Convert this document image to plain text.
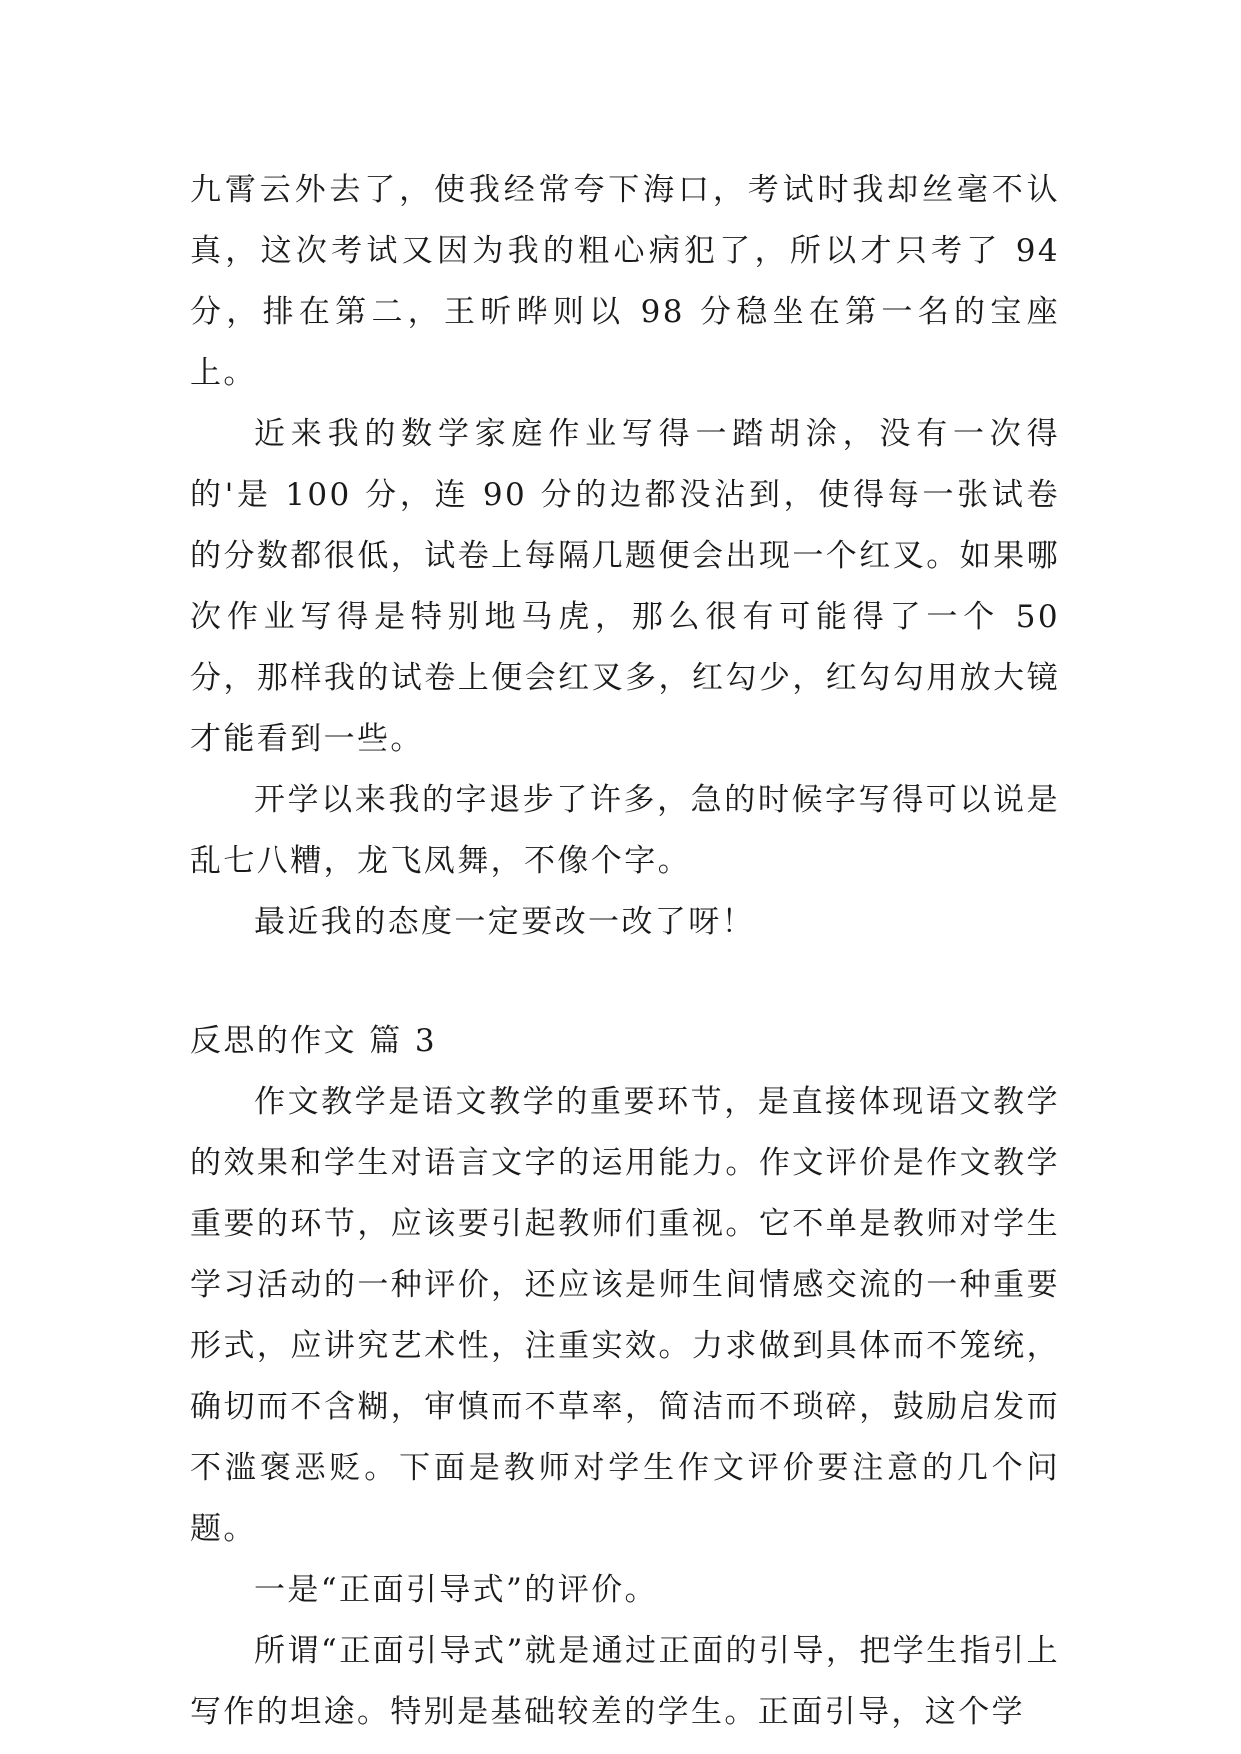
九霄云外去了，使我经常夸下海口，考试时我却丝毫不认真，这次考试又因为我的粗心病犯了，所以才只考了 94 分，排在第二，王昕晔则以 98 分稳坐在第一名的宝座上。

近来我的数学家庭作业写得一踏胡涂，没有一次得的'是 100 分，连 90 分的边都没沾到，使得每一张试卷的分数都很低，试卷上每隔几题便会出现一个红叉。如果哪次作业写得是特别地马虎，那么很有可能得了一个 50 分，那样我的试卷上便会红叉多，红勾少，红勾勾用放大镜才能看到一些。

开学以来我的字退步了许多，急的时候字写得可以说是乱七八糟，龙飞凤舞，不像个字。

最近我的态度一定要改一改了呀！

反思的作文 篇 3

作文教学是语文教学的重要环节，是直接体现语文教学的效果和学生对语言文字的运用能力。作文评价是作文教学重要的环节，应该要引起教师们重视。它不单是教师对学生学习活动的一种评价，还应该是师生间情感交流的一种重要形式，应讲究艺术性，注重实效。力求做到具体而不笼统，确切而不含糊，审慎而不草率，简洁而不琐碎，鼓励启发而不滥褒恶贬。下面是教师对学生作文评价要注意的几个问题。

一是“正面引导式”的评价。

所谓“正面引导式”就是通过正面的引导，把学生指引上写作的坦途。特别是基础较差的学生。正面引导，这个学
